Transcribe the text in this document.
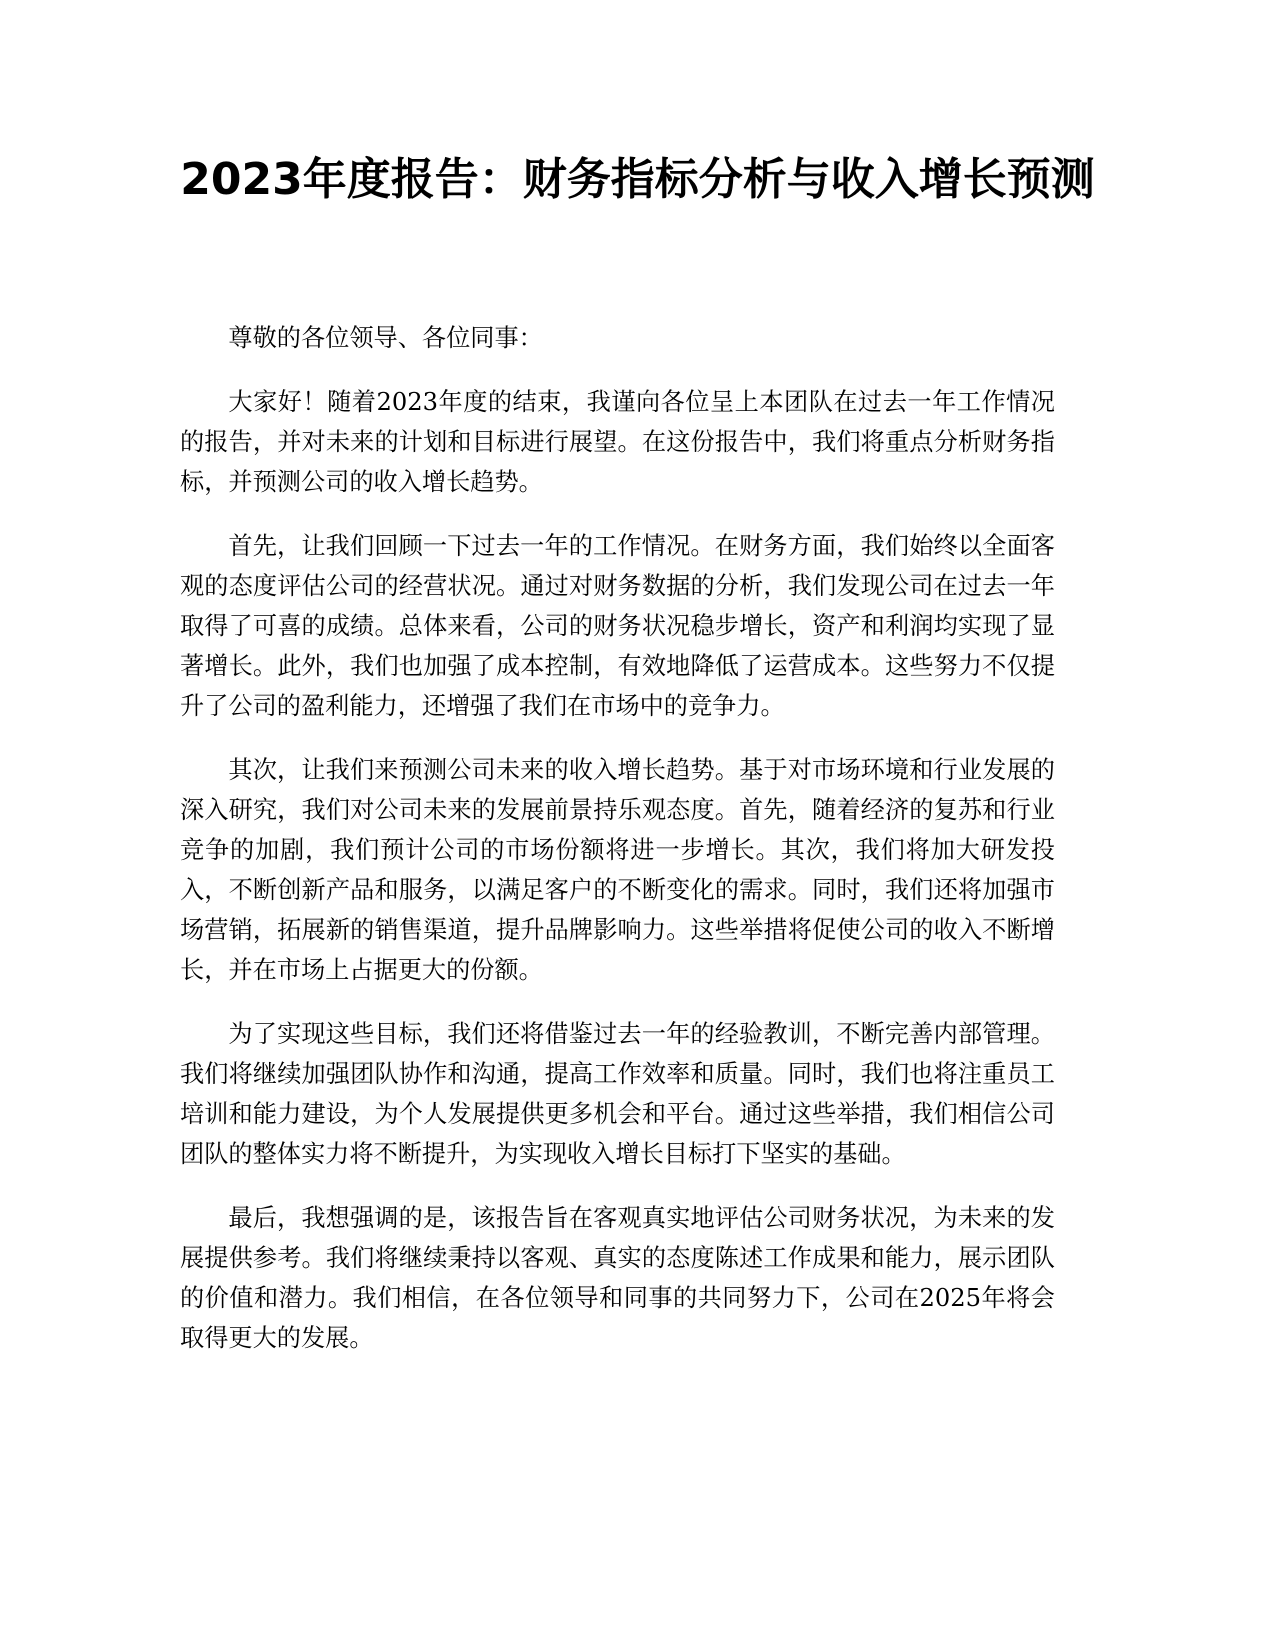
2023年度报告：财务指标分析与收入增长预测

尊敬的各位领导、各位同事：

大家好！随着2023年度的结束，我谨向各位呈上本团队在过去一年工作情况的报告，并对未来的计划和目标进行展望。在这份报告中，我们将重点分析财务指标，并预测公司的收入增长趋势。

首先，让我们回顾一下过去一年的工作情况。在财务方面，我们始终以全面客观的态度评估公司的经营状况。通过对财务数据的分析，我们发现公司在过去一年取得了可喜的成绩。总体来看，公司的财务状况稳步增长，资产和利润均实现了显著增长。此外，我们也加强了成本控制，有效地降低了运营成本。这些努力不仅提升了公司的盈利能力，还增强了我们在市场中的竞争力。

其次，让我们来预测公司未来的收入增长趋势。基于对市场环境和行业发展的深入研究，我们对公司未来的发展前景持乐观态度。首先，随着经济的复苏和行业竞争的加剧，我们预计公司的市场份额将进一步增长。其次，我们将加大研发投入，不断创新产品和服务，以满足客户的不断变化的需求。同时，我们还将加强市场营销，拓展新的销售渠道，提升品牌影响力。这些举措将促使公司的收入不断增长，并在市场上占据更大的份额。

为了实现这些目标，我们还将借鉴过去一年的经验教训，不断完善内部管理。我们将继续加强团队协作和沟通，提高工作效率和质量。同时，我们也将注重员工培训和能力建设，为个人发展提供更多机会和平台。通过这些举措，我们相信公司团队的整体实力将不断提升，为实现收入增长目标打下坚实的基础。

最后，我想强调的是，该报告旨在客观真实地评估公司财务状况，为未来的发展提供参考。我们将继续秉持以客观、真实的态度陈述工作成果和能力，展示团队的价值和潜力。我们相信，在各位领导和同事的共同努力下，公司在2025年将会取得更大的发展。
